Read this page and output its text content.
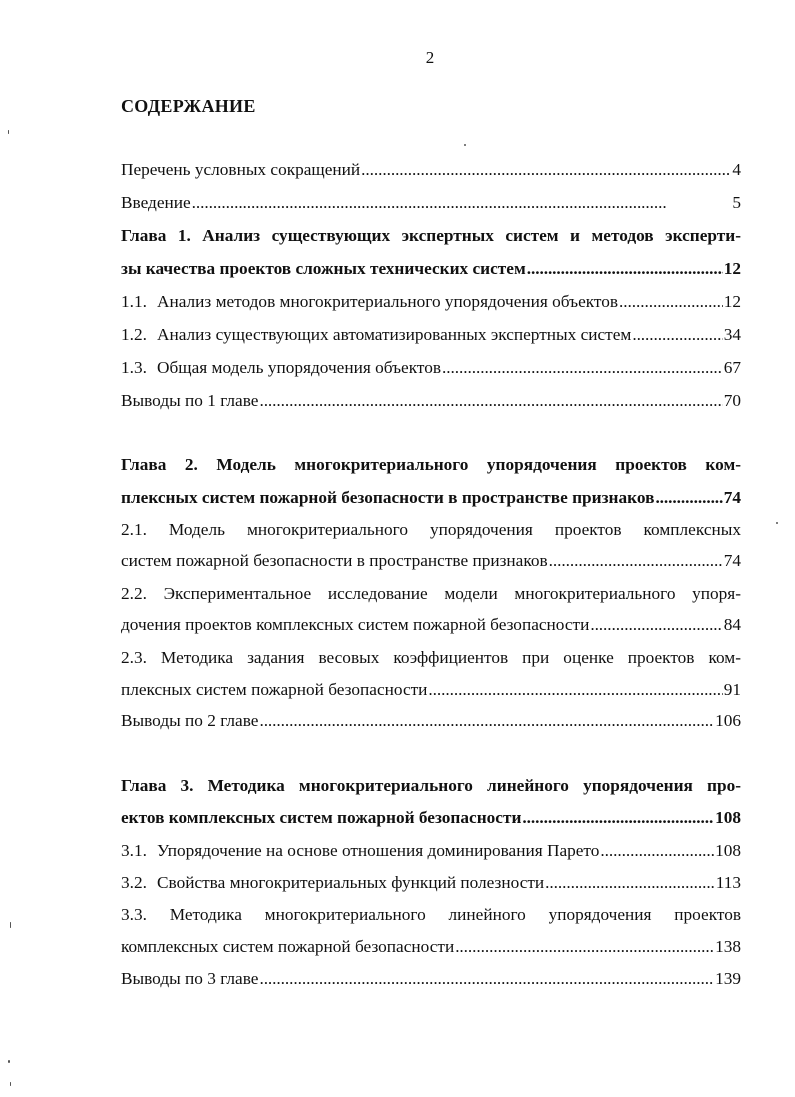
2
СОДЕРЖАНИЕ
Перечень условных сокращений . . .	4
Введение . . .	5
Глава 1. Анализ существующих экспертных систем и методов эксперти-
зы качества проектов сложных технических систем . . .	12
1.1. Анализ методов многокритериального упорядочения объектов . . .	12
1.2. Анализ существующих автоматизированных экспертных систем . . .	34
1.3. Общая модель упорядочения объектов . . .	67
Выводы по 1 главе . . .	70
Глава 2. Модель многокритериального упорядочения проектов ком-
плексных систем пожарной безопасности в пространстве признаков . . .	74
2.1. Модель многокритериального упорядочения проектов комплексных
систем пожарной безопасности в пространстве признаков . . .	74
2.2. Экспериментальное исследование модели многокритериального упоря-
дочения проектов комплексных систем пожарной безопасности . . .	84
2.3. Методика задания весовых коэффициентов при оценке проектов ком-
плексных систем пожарной безопасности . . .	91
Выводы по 2 главе . . .	106
Глава 3. Методика многокритериального линейного упорядочения про-
ектов комплексных систем пожарной безопасности . . .	108
3.1. Упорядочение на основе отношения доминирования Парето . . .	108
3.2. Свойства многокритериальных функций полезности . . .	113
3.3. Методика многокритериального линейного упорядочения проектов
комплексных систем пожарной безопасности . . .	138
Выводы по 3 главе . . .	139
